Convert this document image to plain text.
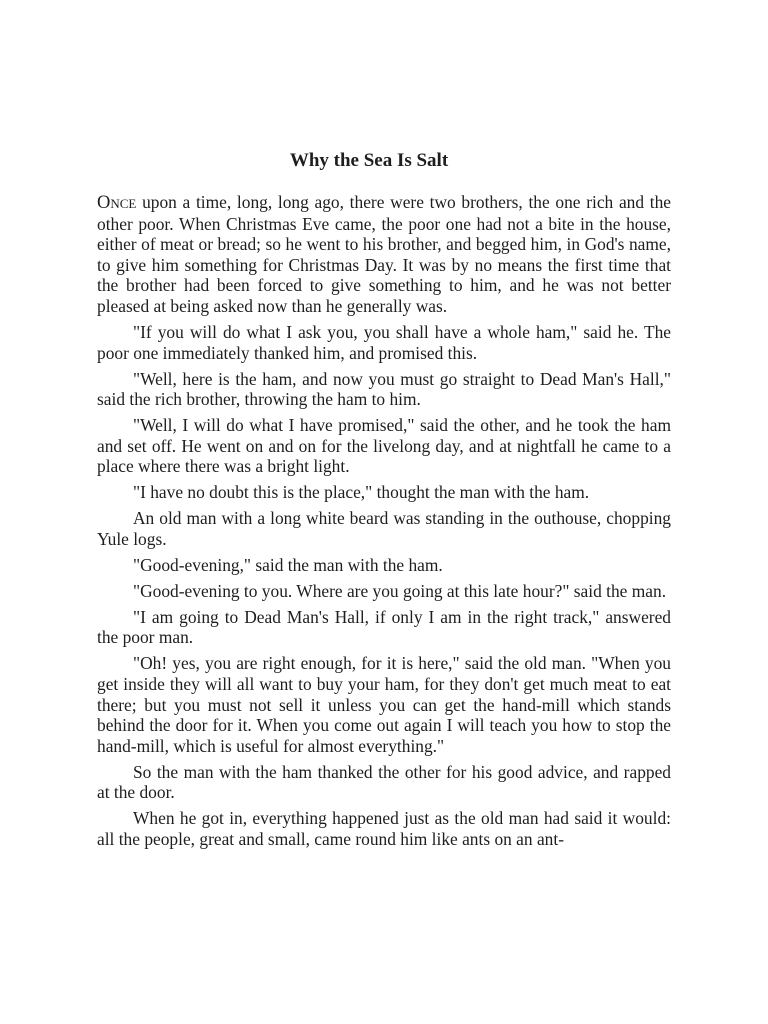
Why the Sea Is Salt

Once upon a time, long, long ago, there were two brothers, the one rich and the other poor. When Christmas Eve came, the poor one had not a bite in the house, either of meat or bread; so he went to his brother, and begged him, in God's name, to give him something for Christmas Day. It was by no means the first time that the brother had been forced to give something to him, and he was not better pleased at being asked now than he generally was.

"If you will do what I ask you, you shall have a whole ham," said he. The poor one immediately thanked him, and promised this.

"Well, here is the ham, and now you must go straight to Dead Man's Hall," said the rich brother, throwing the ham to him.

"Well, I will do what I have promised," said the other, and he took the ham and set off. He went on and on for the livelong day, and at nightfall he came to a place where there was a bright light.

"I have no doubt this is the place," thought the man with the ham.

An old man with a long white beard was standing in the outhouse, chopping Yule logs.

"Good-evening," said the man with the ham.

"Good-evening to you. Where are you going at this late hour?" said the man.

"I am going to Dead Man's Hall, if only I am in the right track," answered the poor man.

"Oh! yes, you are right enough, for it is here," said the old man. "When you get inside they will all want to buy your ham, for they don't get much meat to eat there; but you must not sell it unless you can get the hand-mill which stands behind the door for it. When you come out again I will teach you how to stop the hand-mill, which is useful for almost everything."

So the man with the ham thanked the other for his good advice, and rapped at the door.

When he got in, everything happened just as the old man had said it would: all the people, great and small, came round him like ants on an ant-
